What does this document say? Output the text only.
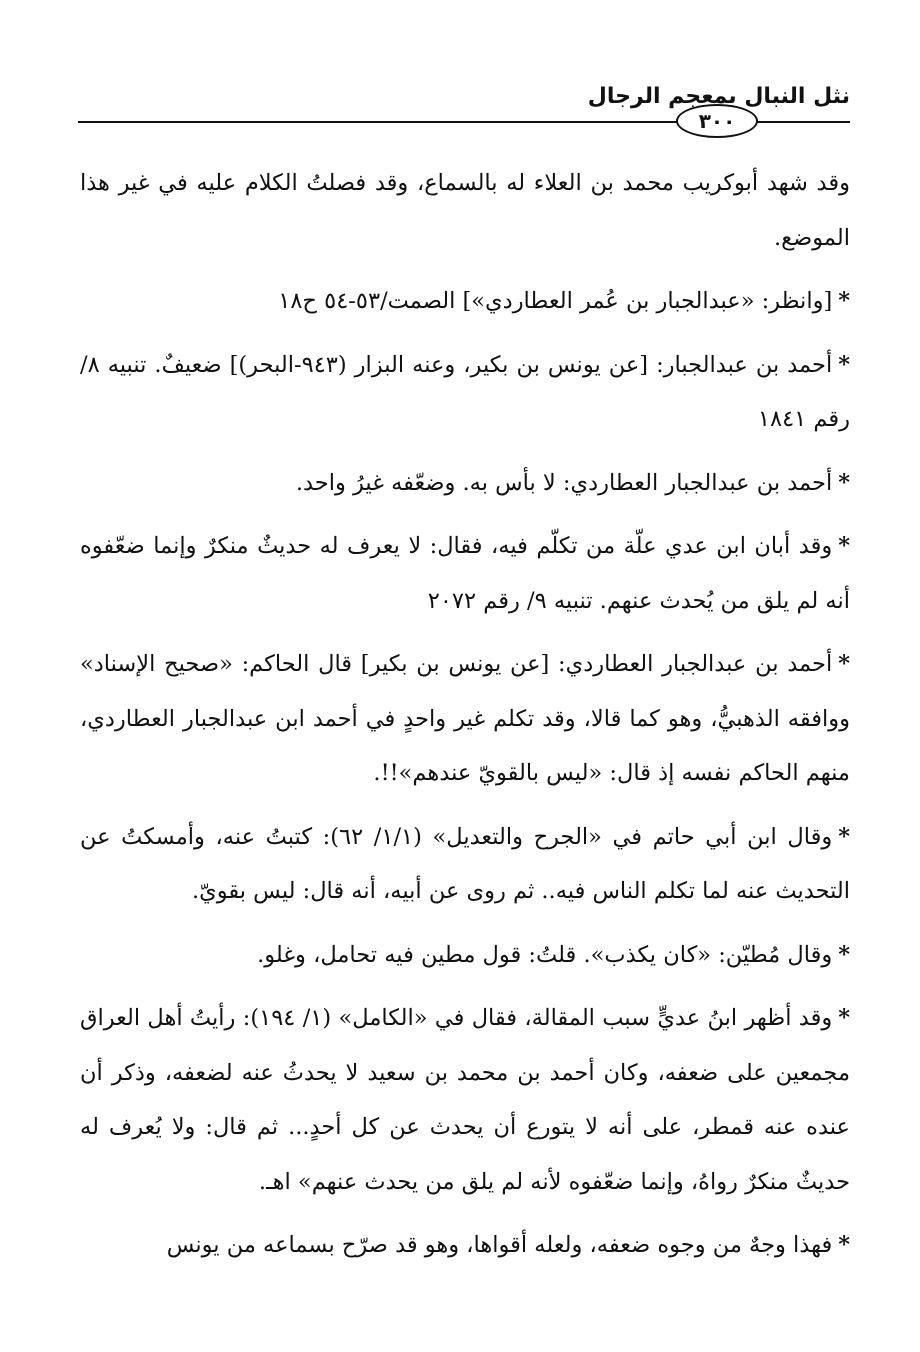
٣٠٠
نثل النبال بمعجم الرجال

وقد شهد أبوكريب محمد بن العلاء له بالسماع، وقد فصلتُ الكلام عليه في غير هذا الموضع.

*[وانظر: «عبدالجبار بن عُمر العطاردي»] الصمت/٥٣-٥٤ ح١٨

*أحمد بن عبدالجبار: [عن يونس بن بكير، وعنه البزار (٩٤٣-البحر)] ضعيفٌ. تنبيه ٨/ رقم ١٨٤١

*أحمد بن عبدالجبار العطاردي: لا بأس به. وضعّفه غيرُ واحد.

*وقد أبان ابن عدي علّة من تكلّم فيه، فقال: لا يعرف له حديثٌ منكرٌ وإنما ضعّفوه أنه لم يلق من يُحدث عنهم. تنبيه ٩/ رقم ٢٠٧٢

*أحمد بن عبدالجبار العطاردي: [عن يونس بن بكير] قال الحاكم: «صحيح الإسناد» ووافقه الذهبيُّ، وهو كما قالا، وقد تكلم غير واحدٍ في أحمد ابن عبدالجبار العطاردي، منهم الحاكم نفسه إذ قال: «ليس بالقويّ عندهم»!!.

*وقال ابن أبي حاتم في «الجرح والتعديل» (١/١/ ٦٢): كتبتُ عنه، وأمسكتُ عن التحديث عنه لما تكلم الناس فيه.. ثم روى عن أبيه، أنه قال: ليس بقويّ.

*وقال مُطيّن: «كان يكذب». قلتُ: قول مطين فيه تحامل، وغلو.

*وقد أظهر ابنُ عديٍّ سبب المقالة، فقال في «الكامل» (١/ ١٩٤): رأيتُ أهل العراق مجمعين على ضعفه، وكان أحمد بن محمد بن سعيد لا يحدثُ عنه لضعفه، وذكر أن عنده عنه قمطر، على أنه لا يتورع أن يحدث عن كل أحدٍ... ثم قال: ولا يُعرف له حديثٌ منكرٌ رواهُ، وإنما ضعّفوه لأنه لم يلق من يحدث عنهم» اهـ.

*فهذا وجهٌ من وجوه ضعفه، ولعله أقواها، وهو قد صرّح بسماعه من يونس
